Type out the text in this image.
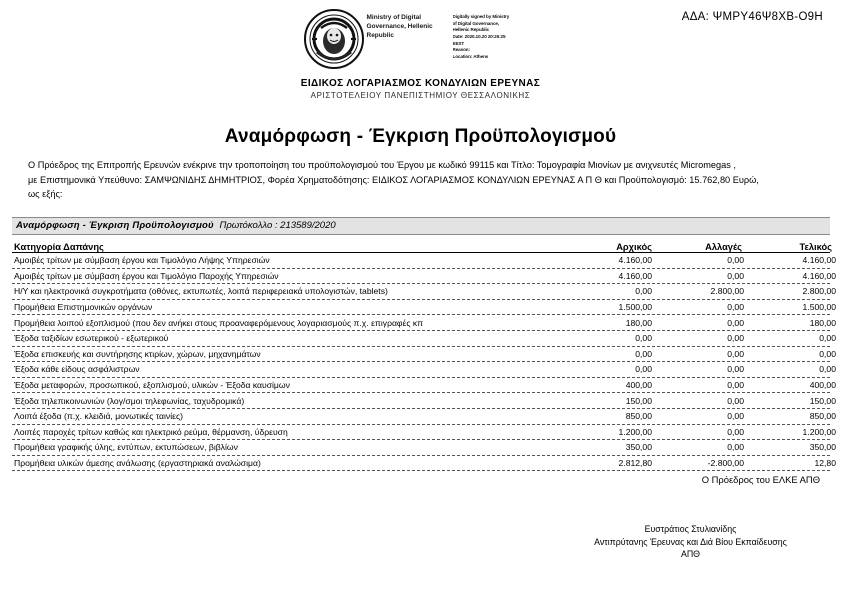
ΑΔΑ: ΨΜΡΥ46Ψ8ΧΒ-Ο9Η
Ministry of Digital Governance, Hellenic Republic
Digitally signed by Ministry
of Digital Governance,
Hellenic Republic
Date: 2020.10.20 20:26:25
EEST
Reason:
Location: Athens
ΕΙΔΙΚΟΣ ΛΟΓΑΡΙΑΣΜΟΣ ΚΟΝΔΥΛΙΩΝ ΕΡΕΥΝΑΣ
ΑΡΙΣΤΟΤΕΛΕΙΟΥ ΠΑΝΕΠΙΣΤΗΜΙΟΥ ΘΕΣΣΑΛΟΝΙΚΗΣ
Αναμόρφωση - Έγκριση Προϋπολογισμού
Ο Πρόεδρος της Επιτροπής Ερευνών ενέκρινε την τροποποίηση του προϋπολογισμού του Έργου με κωδικό 99115 και Τίτλο: Τομογραφία Μιονίων με ανιχνευτές Micromegas ,
με Επιστημονικά Υπεύθυνο: ΣΑΜΨΩΝΙΔΗΣ ΔΗΜΗΤΡΙΟΣ, Φορέα Χρηματοδότησης: ΕΙΔΙΚΟΣ ΛΟΓΑΡΙΑΣΜΟΣ ΚΟΝΔΥΛΙΩΝ ΕΡΕΥΝΑΣ Α Π Θ και Προϋπολογισμό: 15.762,80 Ευρώ,
ως εξής:
Αναμόρφωση - Έγκριση Προϋπολογισμού Πρωτόκολλο : 213589/2020
Κατηγορία Δαπάνης	Αρχικός	Αλλαγές	Τελικός
Αμοιβές τρίτων με σύμβαση έργου και Τιμολόγιο Λήψης Υπηρεσιών	4.160,00	0,00	4.160,00
Αμοιβές τρίτων με σύμβαση έργου και Τιμολόγιο Παροχής Υπηρεσιών	4.160,00	0,00	4.160,00
Η/Υ και ηλεκτρονικά συγκροτήματα (οθόνες, εκτυπωτές, λοιπά περιφερειακά υπολογιστών, tablets)	0,00	2.800,00	2.800,00
Προμήθεια Επιστημονικών οργάνων	1.500,00	0,00	1.500,00
Προμήθεια λοιπού εξοπλισμού (που δεν ανήκει στους προαναφερόμενους λογαριασμούς π.χ. επιγραφές κπ	180,00	0,00	180,00
Έξοδα ταξιδίων εσωτερικού - εξωτερικού	0,00	0,00	0,00
Έξοδα επισκευής και συντήρησης κτιρίων, χώρων, μηχανημάτων	0,00	0,00	0,00
Έξοδα κάθε είδους ασφάλιστρων	0,00	0,00	0,00
Έξοδα μεταφορών, προσωπικού, εξοπλισμού, υλικών - Έξοδα καυσίμων	400,00	0,00	400,00
Έξοδα τηλεπικοινωνιών (λογ/σμοι τηλεφωνίας, ταχυδρομικά)	150,00	0,00	150,00
Λοιπά έξοδα (π.χ. κλειδιά, μονωτικές ταινίες)	850,00	0,00	850,00
Λοιπές παροχές τρίτων καθώς και ηλεκτρικό ρεύμα, θέρμανση, ύδρευση	1.200,00	0,00	1.200,00
Προμήθεια γραφικής ύλης, εντύπων, εκτυπώσεων, βιβλίων	350,00	0,00	350,00
Προμήθεια υλικών άμεσης ανάλωσης (εργαστηριακά αναλώσιμα)	2.812,80	-2.800,00	12,80
Ο Πρόεδρος του ΕΛΚΕ ΑΠΘ
Ευστράτιος Στυλιανίδης
Αντιπρύτανης Έρευνας και Διά Βίου Εκπαίδευσης
ΑΠΘ
